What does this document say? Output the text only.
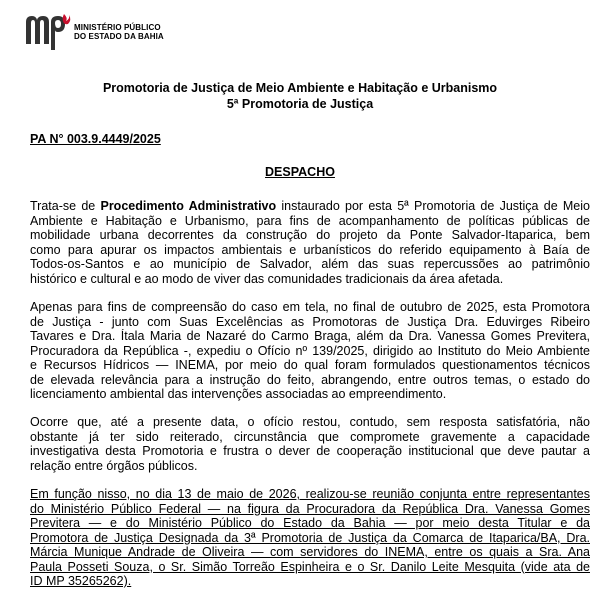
MINISTÉRIO PÚBLICO
DO ESTADO DA BAHIA
Promotoria de Justiça de Meio Ambiente e Habitação e Urbanismo
5ª Promotoria de Justiça
PA N° 003.9.4449/2025
DESPACHO
Trata-se de Procedimento Administrativo instaurado por esta 5ª Promotoria de Justiça de Meio
Ambiente e Habitação e Urbanismo, para fins de acompanhamento de políticas públicas de
mobilidade urbana decorrentes da construção do projeto da Ponte Salvador-Itaparica, bem
como para apurar os impactos ambientais e urbanísticos do referido equipamento à Baía de
Todos-os-Santos e ao município de Salvador, além das suas repercussões ao patrimônio
histórico e cultural e ao modo de viver das comunidades tradicionais da área afetada.
Apenas para fins de compreensão do caso em tela, no final de outubro de 2025, esta Promotora
de Justiça - junto com Suas Excelências as Promotoras de Justiça Dra. Eduvirges Ribeiro
Tavares e Dra. Ítala Maria de Nazaré do Carmo Braga, além da Dra. Vanessa Gomes Previtera,
Procuradora da República -, expediu o Ofício nº 139/2025, dirigido ao Instituto do Meio Ambiente
e Recursos Hídricos — INEMA, por meio do qual foram formulados questionamentos técnicos
de elevada relevância para a instrução do feito, abrangendo, entre outros temas, o estado do
licenciamento ambiental das intervenções associadas ao empreendimento.
Ocorre que, até a presente data, o ofício restou, contudo, sem resposta satisfatória, não
obstante já ter sido reiterado, circunstância que compromete gravemente a capacidade
investigativa desta Promotoria e frustra o dever de cooperação institucional que deve pautar a
relação entre órgãos públicos.
Em função nisso, no dia 13 de maio de 2026, realizou-se reunião conjunta entre representantes
do Ministério Público Federal — na figura da Procuradora da República Dra. Vanessa Gomes
Previtera — e do Ministério Público do Estado da Bahia — por meio desta Titular e da
Promotora de Justiça Designada da 3ª Promotoria de Justiça da Comarca de Itaparica/BA, Dra.
Márcia Munique Andrade de Oliveira — com servidores do INEMA, entre os quais a Sra. Ana
Paula Posseti Souza, o Sr. Simão Torreão Espinheira e o Sr. Danilo Leite Mesquita (vide ata de
ID MP 35265262).
